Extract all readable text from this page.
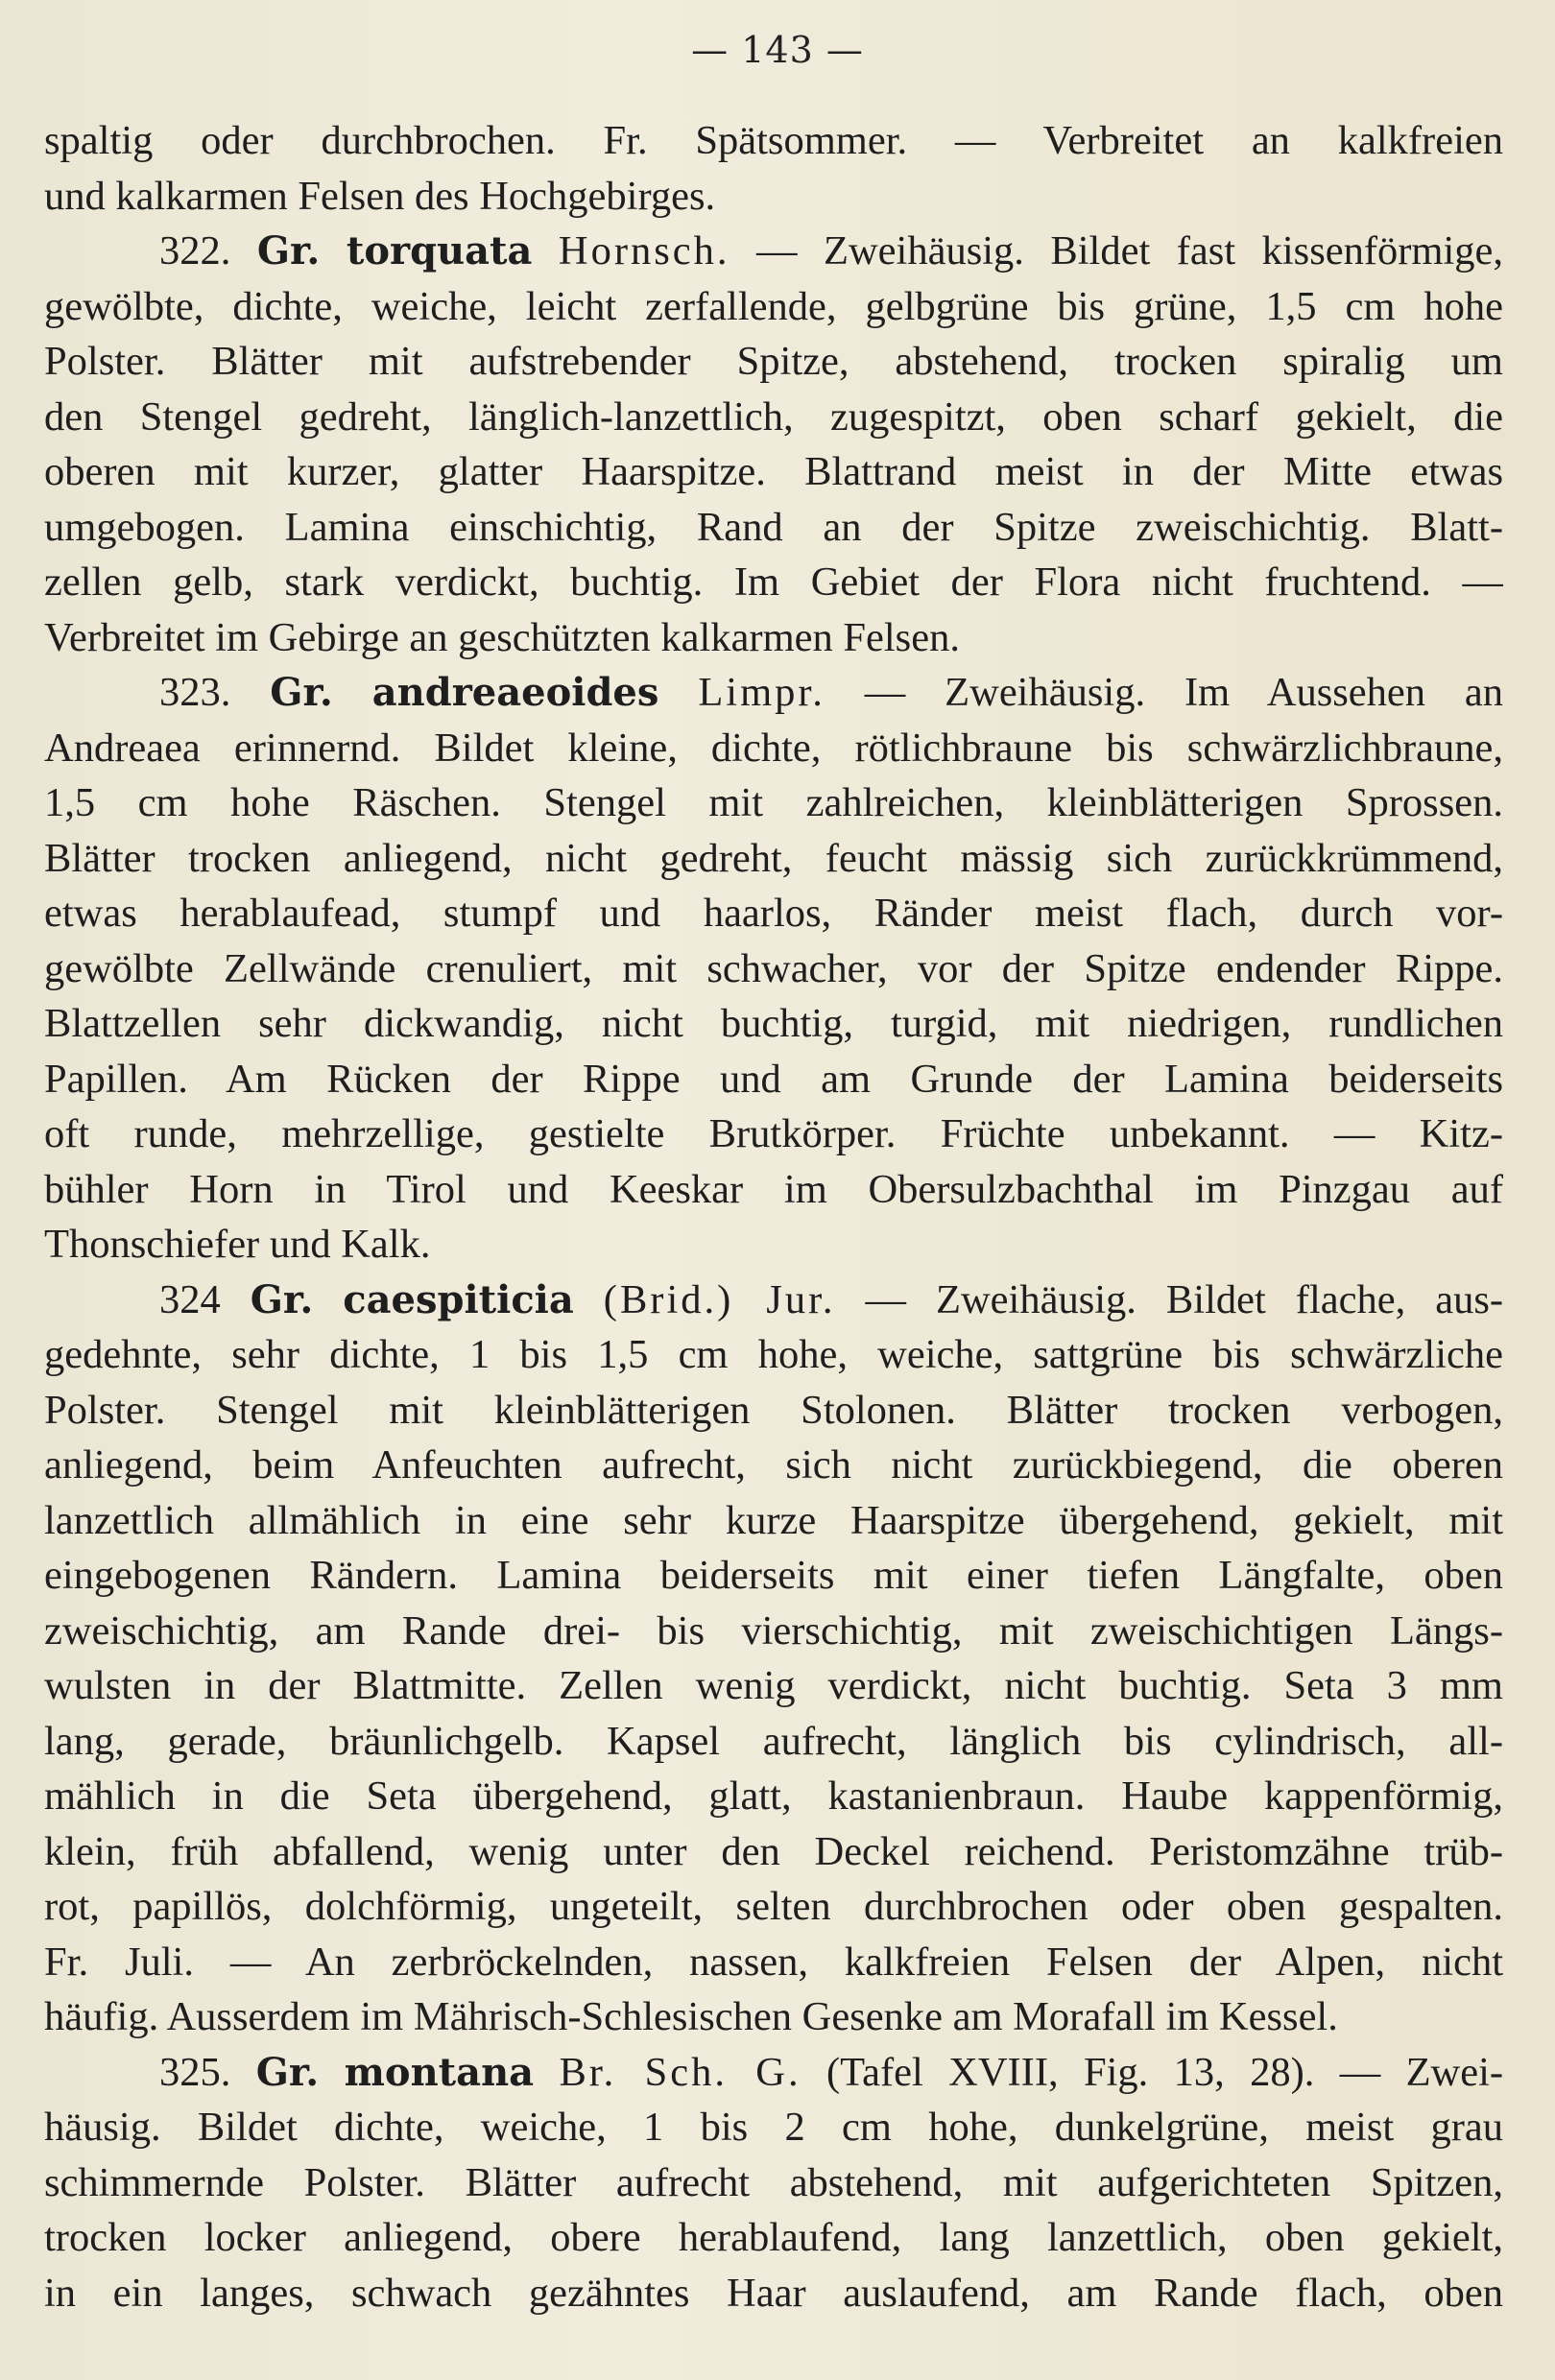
— 143 —
spaltig oder durchbrochen. Fr. Spätsommer. — Verbreitet an kalkfreien
und kalkarmen Felsen des Hochgebirges.
322. Gr. torquata Hornsch. — Zweihäusig. Bildet fast kissenförmige,
gewölbte, dichte, weiche, leicht zerfallende, gelbgrüne bis grüne, 1,5 cm hohe
Polster. Blätter mit aufstrebender Spitze, abstehend, trocken spiralig um
den Stengel gedreht, länglich-lanzettlich, zugespitzt, oben scharf gekielt, die
oberen mit kurzer, glatter Haarspitze. Blattrand meist in der Mitte etwas
umgebogen. Lamina einschichtig, Rand an der Spitze zweischichtig. Blatt-
zellen gelb, stark verdickt, buchtig. Im Gebiet der Flora nicht fruchtend. —
Verbreitet im Gebirge an geschützten kalkarmen Felsen.
323. Gr. andreaeoides Limpr. — Zweihäusig. Im Aussehen an
Andreaea erinnernd. Bildet kleine, dichte, rötlichbraune bis schwärzlichbraune,
1,5 cm hohe Räschen. Stengel mit zahlreichen, kleinblätterigen Sprossen.
Blätter trocken anliegend, nicht gedreht, feucht mässig sich zurückkrümmend,
etwas herablaufead, stumpf und haarlos, Ränder meist flach, durch vor-
gewölbte Zellwände crenuliert, mit schwacher, vor der Spitze endender Rippe.
Blattzellen sehr dickwandig, nicht buchtig, turgid, mit niedrigen, rundlichen
Papillen. Am Rücken der Rippe und am Grunde der Lamina beiderseits
oft runde, mehrzellige, gestielte Brutkörper. Früchte unbekannt. — Kitz-
bühler Horn in Tirol und Keeskar im Obersulzbachthal im Pinzgau auf
Thonschiefer und Kalk.
324 Gr. caespiticia (Brid.) Jur. — Zweihäusig. Bildet flache, aus-
gedehnte, sehr dichte, 1 bis 1,5 cm hohe, weiche, sattgrüne bis schwärzliche
Polster. Stengel mit kleinblätterigen Stolonen. Blätter trocken verbogen,
anliegend, beim Anfeuchten aufrecht, sich nicht zurückbiegend, die oberen
lanzettlich allmählich in eine sehr kurze Haarspitze übergehend, gekielt, mit
eingebogenen Rändern. Lamina beiderseits mit einer tiefen Längfalte, oben
zweischichtig, am Rande drei- bis vierschichtig, mit zweischichtigen Längs-
wulsten in der Blattmitte. Zellen wenig verdickt, nicht buchtig. Seta 3 mm
lang, gerade, bräunlichgelb. Kapsel aufrecht, länglich bis cylindrisch, all-
mählich in die Seta übergehend, glatt, kastanienbraun. Haube kappenförmig,
klein, früh abfallend, wenig unter den Deckel reichend. Peristomzähne trüb-
rot, papillös, dolchförmig, ungeteilt, selten durchbrochen oder oben gespalten.
Fr. Juli. — An zerbröckelnden, nassen, kalkfreien Felsen der Alpen, nicht
häufig. Ausserdem im Mährisch-Schlesischen Gesenke am Morafall im Kessel.
325. Gr. montana Br. Sch. G. (Tafel XVIII, Fig. 13, 28). — Zwei-
häusig. Bildet dichte, weiche, 1 bis 2 cm hohe, dunkelgrüne, meist grau
schimmernde Polster. Blätter aufrecht abstehend, mit aufgerichteten Spitzen,
trocken locker anliegend, obere herablaufend, lang lanzettlich, oben gekielt,
in ein langes, schwach gezähntes Haar auslaufend, am Rande flach, oben
